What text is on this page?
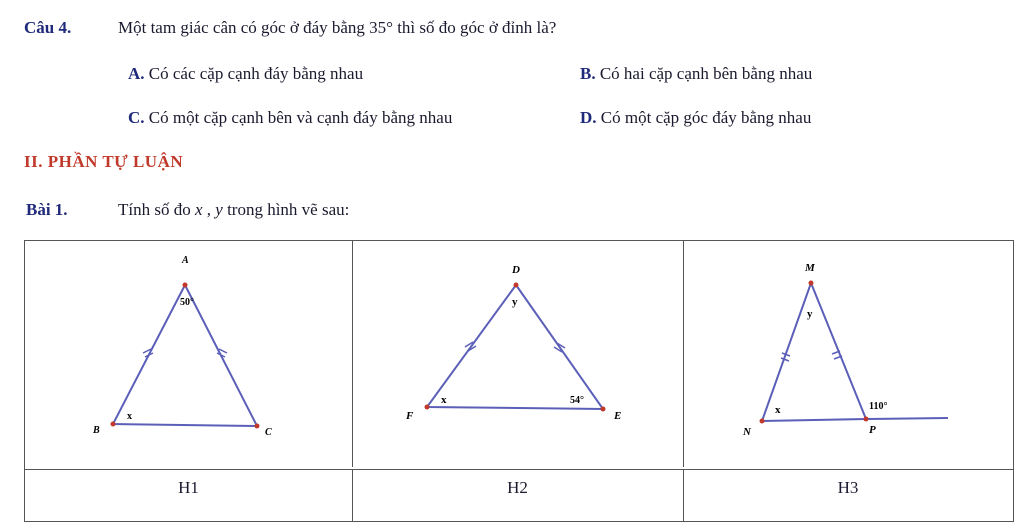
Câu 4.	Một tam giác cân có góc ở đáy bằng 35° thì số đo góc ở đỉnh là?
A. Có các cặp cạnh đáy bằng nhau	B. Có hai cặp cạnh bên bằng nhau
C. Có một cặp cạnh bên và cạnh đáy bằng nhau	D. Có một cặp góc đáy bằng nhau
II. PHẦN TỰ LUẬN
Bài 1.	Tính số đo x , y trong hình vẽ sau:
A
B	C
50°
x
D
F	E
y
x	54°
M
N	P
y
x	110°
H1	H2	H3
